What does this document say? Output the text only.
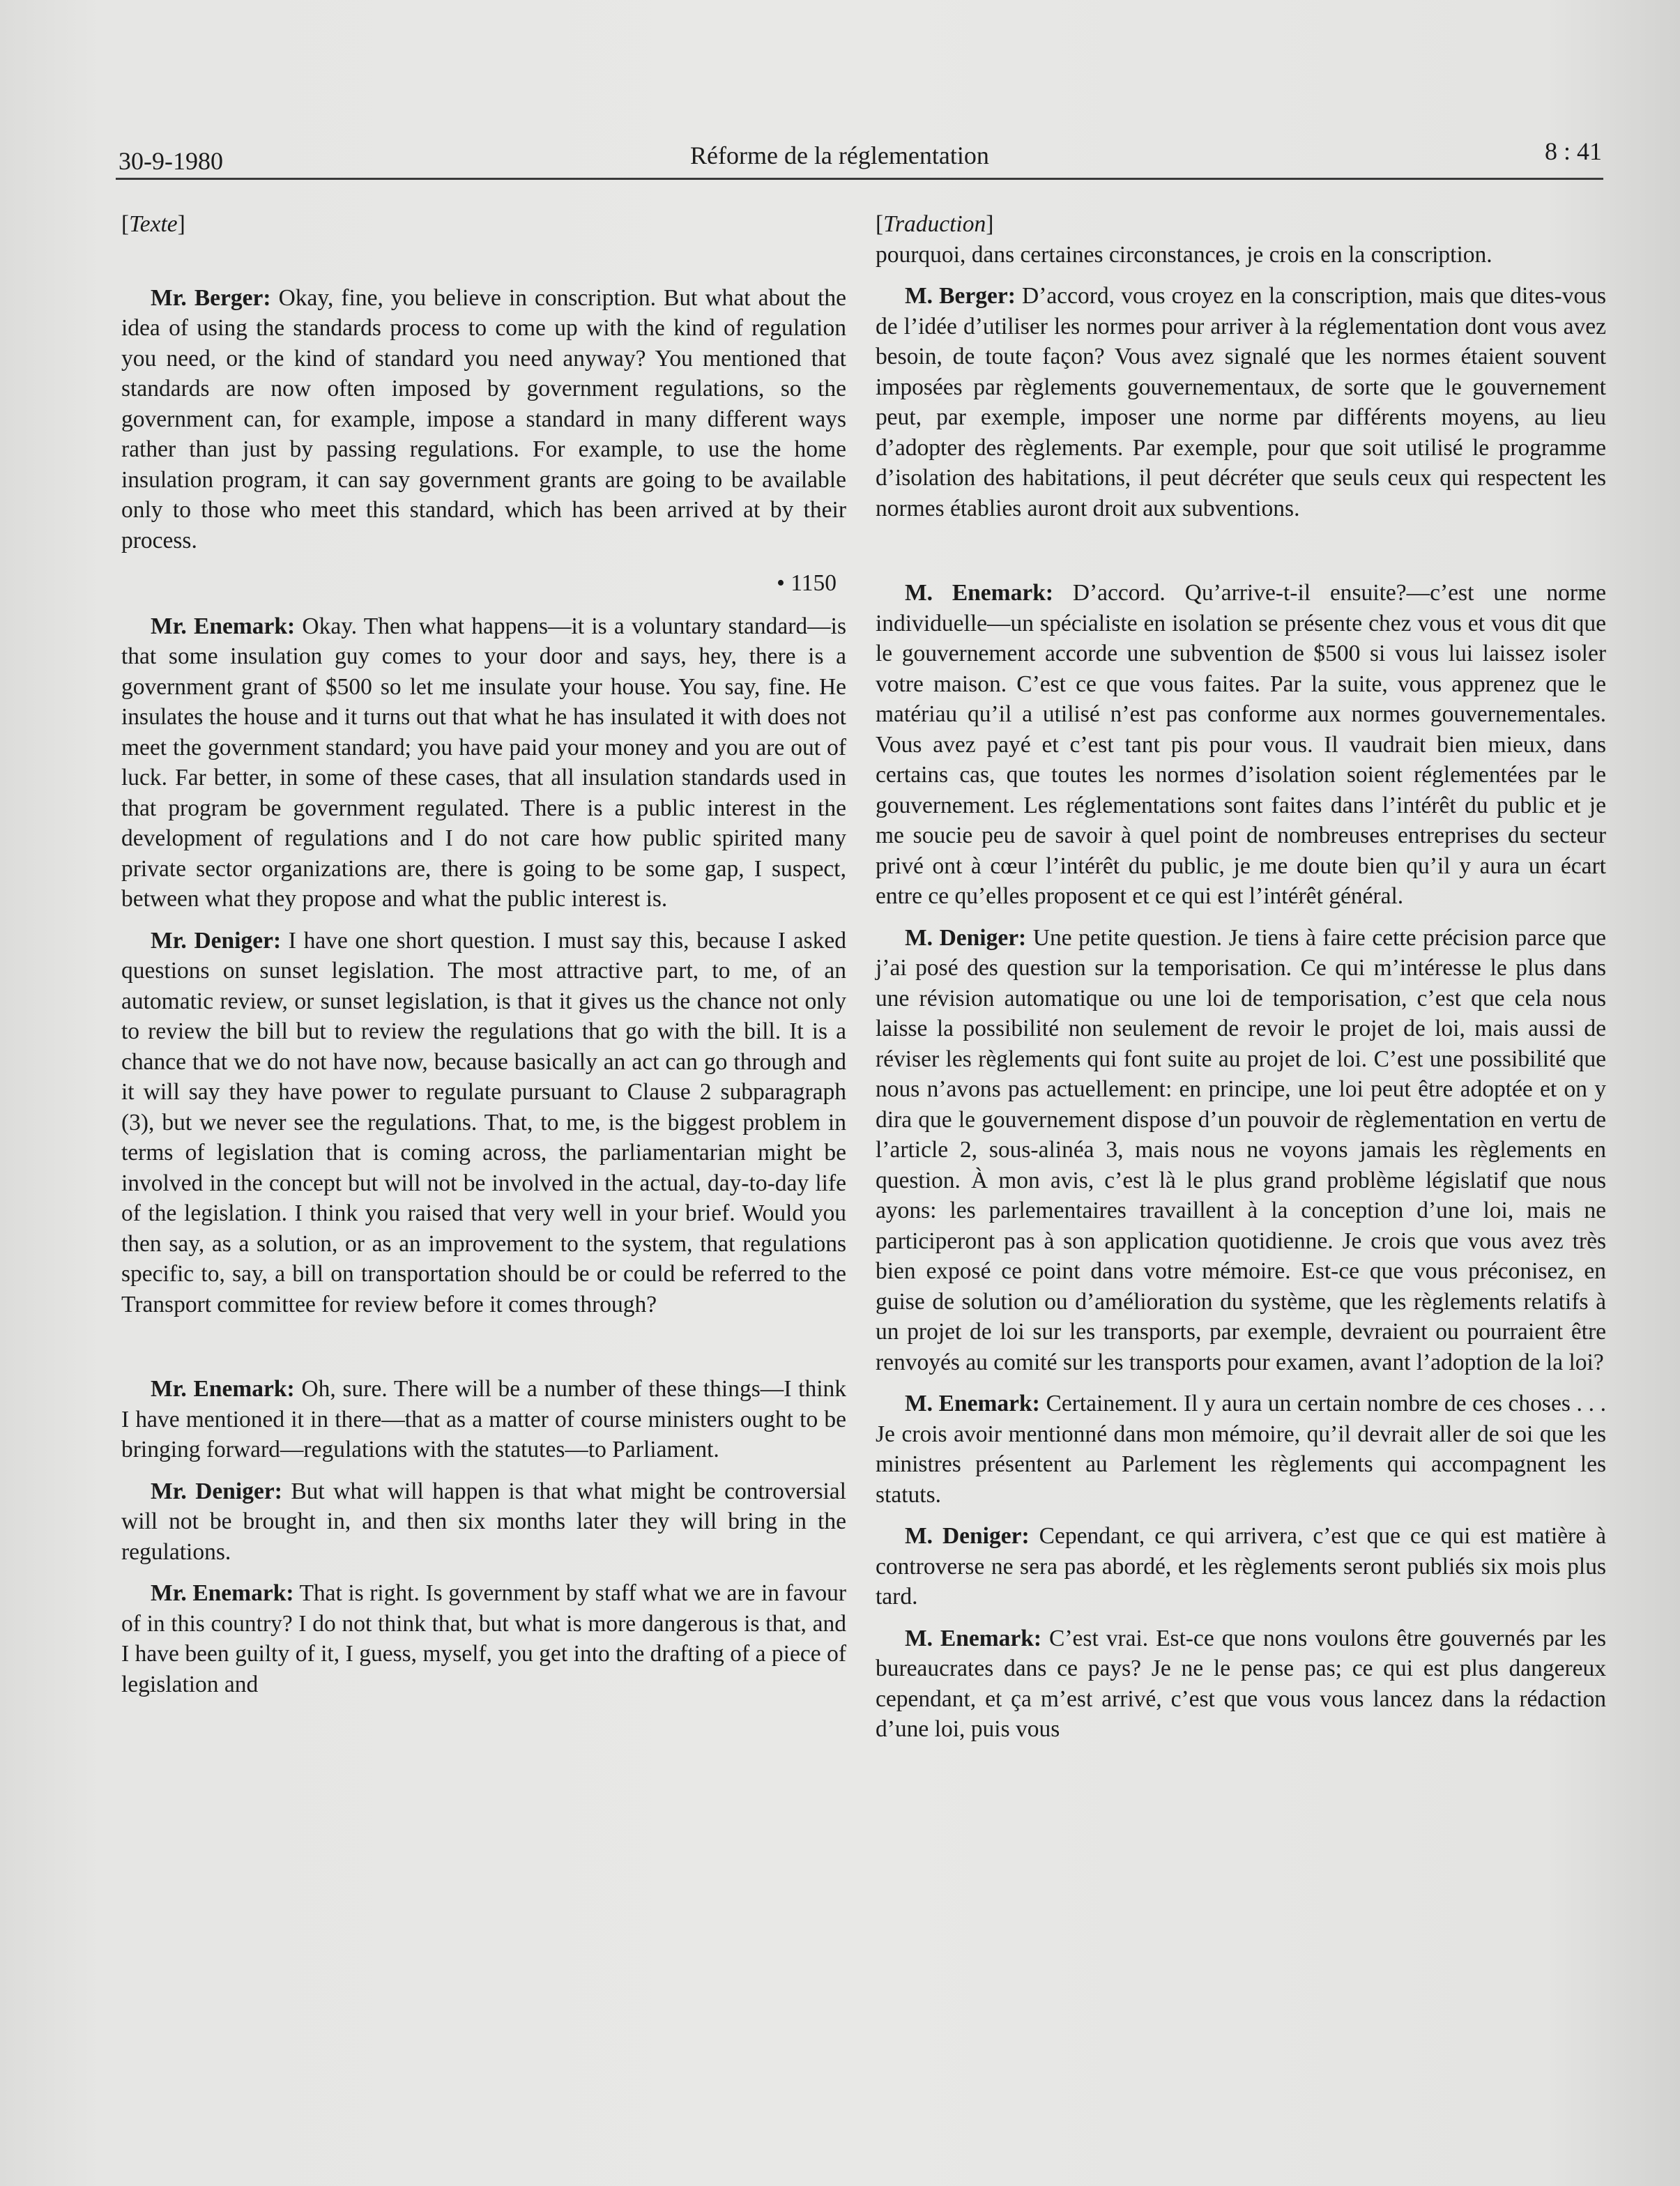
30-9-1980	Réforme de la réglementation	8 : 41
[Texte]

Mr. Berger: Okay, fine, you believe in conscription. But what about the idea of using the standards process to come up with the kind of regulation you need, or the kind of standard you need anyway? You mentioned that standards are now often imposed by government regulations, so the government can, for example, impose a standard in many different ways rather than just by passing regulations. For example, to use the home insulation program, it can say government grants are going to be available only to those who meet this standard, which has been arrived at by their process.

• 1150

Mr. Enemark: Okay. Then what happens—it is a voluntary standard—is that some insulation guy comes to your door and says, hey, there is a government grant of $500 so let me insulate your house. You say, fine. He insulates the house and it turns out that what he has insulated it with does not meet the government standard; you have paid your money and you are out of luck. Far better, in some of these cases, that all insulation standards used in that program be government regulated. There is a public interest in the development of regulations and I do not care how public spirited many private sector organizations are, there is going to be some gap, I suspect, between what they propose and what the public interest is.

Mr. Deniger: I have one short question. I must say this, because I asked questions on sunset legislation. The most attractive part, to me, of an automatic review, or sunset legislation, is that it gives us the chance not only to review the bill but to review the regulations that go with the bill. It is a chance that we do not have now, because basically an act can go through and it will say they have power to regulate pursuant to Clause 2 subparagraph (3), but we never see the regulations. That, to me, is the biggest problem in terms of legislation that is coming across, the parliamentarian might be involved in the concept but will not be involved in the actual, day-to-day life of the legislation. I think you raised that very well in your brief. Would you then say, as a solution, or as an improvement to the system, that regulations specific to, say, a bill on transportation should be or could be referred to the Transport committee for review before it comes through?

Mr. Enemark: Oh, sure. There will be a number of these things—I think I have mentioned it in there—that as a matter of course ministers ought to be bringing forward—regulations with the statutes—to Parliament.

Mr. Deniger: But what will happen is that what might be controversial will not be brought in, and then six months later they will bring in the regulations.

Mr. Enemark: That is right. Is government by staff what we are in favour of in this country? I do not think that, but what is more dangerous is that, and I have been guilty of it, I guess, myself, you get into the drafting of a piece of legislation and

[Traduction]

pourquoi, dans certaines circonstances, je crois en la conscription.

M. Berger: D’accord, vous croyez en la conscription, mais que dites-vous de l’idée d’utiliser les normes pour arriver à la réglementation dont vous avez besoin, de toute façon? Vous avez signalé que les normes étaient souvent imposées par règlements gouvernementaux, de sorte que le gouvernement peut, par exemple, imposer une norme par différents moyens, au lieu d’adopter des règlements. Par exemple, pour que soit utilisé le programme d’isolation des habitations, il peut décréter que seuls ceux qui respectent les normes établies auront droit aux subventions.

M. Enemark: D’accord. Qu’arrive-t-il ensuite?—c’est une norme individuelle—un spécialiste en isolation se présente chez vous et vous dit que le gouvernement accorde une subvention de $500 si vous lui laissez isoler votre maison. C’est ce que vous faites. Par la suite, vous apprenez que le matériau qu’il a utilisé n’est pas conforme aux normes gouvernementales. Vous avez payé et c’est tant pis pour vous. Il vaudrait bien mieux, dans certains cas, que toutes les normes d’isolation soient réglementées par le gouvernement. Les réglementations sont faites dans l’intérêt du public et je me soucie peu de savoir à quel point de nombreuses entreprises du secteur privé ont à cœur l’intérêt du public, je me doute bien qu’il y aura un écart entre ce qu’elles proposent et ce qui est l’intérêt général.

M. Deniger: Une petite question. Je tiens à faire cette précision parce que j’ai posé des question sur la temporisation. Ce qui m’intéresse le plus dans une révision automatique ou une loi de temporisation, c’est que cela nous laisse la possibilité non seulement de revoir le projet de loi, mais aussi de réviser les règlements qui font suite au projet de loi. C’est une possibilité que nous n’avons pas actuellement: en principe, une loi peut être adoptée et on y dira que le gouvernement dispose d’un pouvoir de règlementation en vertu de l’article 2, sous-alinéa 3, mais nous ne voyons jamais les règlements en question. À mon avis, c’est là le plus grand problème législatif que nous ayons: les parlementaires travaillent à la conception d’une loi, mais ne participeront pas à son application quotidienne. Je crois que vous avez très bien exposé ce point dans votre mémoire. Est-ce que vous préconisez, en guise de solution ou d’amélioration du système, que les règlements relatifs à un projet de loi sur les transports, par exemple, devraient ou pourraient être renvoyés au comité sur les transports pour examen, avant l’adoption de la loi?

M. Enemark: Certainement. Il y aura un certain nombre de ces choses . . . Je crois avoir mentionné dans mon mémoire, qu’il devrait aller de soi que les ministres présentent au Parlement les règlements qui accompagnent les statuts.

M. Deniger: Cependant, ce qui arrivera, c’est que ce qui est matière à controverse ne sera pas abordé, et les règlements seront publiés six mois plus tard.

M. Enemark: C’est vrai. Est-ce que nons voulons être gouvernés par les bureaucrates dans ce pays? Je ne le pense pas; ce qui est plus dangereux cependant, et ça m’est arrivé, c’est que vous vous lancez dans la rédaction d’une loi, puis vous
